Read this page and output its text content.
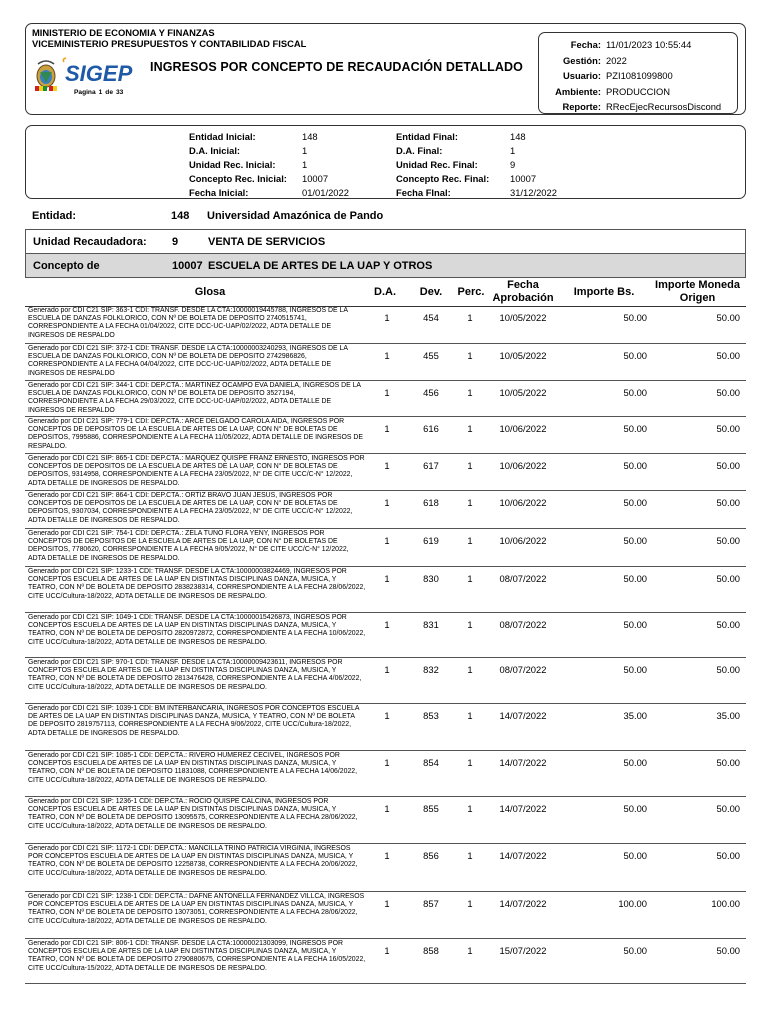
MINISTERIO DE ECONOMIA Y FINANZAS
VICEMINISTERIO PRESUPUESTOS Y CONTABILIDAD FISCAL
SIGEP
Pagina 1 de 33
INGRESOS POR CONCEPTO DE RECAUDACIÓN DETALLADO
Fecha: 11/01/2023 10:55:44
Gestión: 2022
Usuario: PZI1081099800
Ambiente: PRODUCCION
Reporte: RRecEjecRecursosDiscond
Entidad Inicial:	148
D.A. Inicial:	1
Unidad Rec. Inicial:	1
Concepto Rec. Inicial: 10007
Fecha Inicial:	01/01/2022
Entidad Final:	148
D.A. Final:	1
Unidad Rec. Final:	9
Concepto Rec. Final: 10007
Fecha FInal:	31/12/2022
Entidad:	148 Universidad Amazónica de Pando
Unidad Recaudadora: 9	VENTA DE SERVICIOS
Concepto de	10007 ESCUELA DE ARTES DE LA UAP Y OTROS
Glosa	D.A.	Dev.	Perc.
Fecha Aprobación
Importe Bs.
Importe Moneda Origen
Generado por CDI C21 SIP: 363-1 CDI: TRANSF. DESDE LA CTA:10000019445788, INGRESOS DE LA ESCUELA DE DANZAS FOLKLORICO, CON Nº DE BOLETA DE DEPOSITO 2740515741, CORRESPONDIENTE A LA FECHA 01/04/2022, CITE DCC-UC-UAP/02/2022, ADTA DETALLE DE INGRESOS DE RESPALDO
1	454	1	10/05/2022	50.00	50.00
Generado por CDI C21 SIP: 372-1 CDI: TRANSF. DESDE LA CTA:10000003240293, INGRESOS DE LA ESCUELA DE DANZAS FOLKLORICO, CON Nº DE BOLETA DE DEPOSITO 2742986826, CORRESPONDIENTE A LA FECHA 04/04/2022, CITE DCC-UC-UAP/02/2022, ADTA DETALLE DE INGRESOS DE RESPALDO
1	455	1	10/05/2022	50.00	50.00
Generado por CDI C21 SIP: 344-1 CDI: DEP.CTA.: MARTINEZ OCAMPO EVA DANIELA, INGRESOS DE LA ESCUELA DE DANZAS FOLKLORICO, CON Nº DE BOLETA DE DEPOSITO 3527194, CORRESPONDIENTE A LA FECHA 29/03/2022, CITE DCC-UC-UAP/02/2022, ADTA DETALLE DE INGRESOS DE RESPALDO
1	456	1	10/05/2022	50.00	50.00
Generado por CDI C21 SIP: 779-1 CDI: DEP.CTA.: ARCE DELGADO CAROLA AIDA, INGRESOS POR CONCEPTOS DE DEPOSITOS DE LA ESCUELA DE ARTES DE LA UAP, CON N° DE BOLETAS DE DEPOSITOS, 7995886, CORRESPONDIENTE A LA FECHA 11/05/2022, ADTA DETALLE DE INGRESOS DE RESPALDO.
1	616	1	10/06/2022	50.00	50.00
Generado por CDI C21 SIP: 865-1 CDI: DEP.CTA.: MARQUEZ QUISPE FRANZ ERNESTO, INGRESOS POR CONCEPTOS DE DEPOSITOS DE LA ESCUELA DE ARTES DE LA UAP, CON N° DE BOLETAS DE DEPOSITOS, 9314958, CORRESPONDIENTE A LA FECHA 23/05/2022, N° DE CITE UCC/C-N° 12/2022, ADTA DETALLE DE INGRESOS DE RESPALDO.
1	617	1	10/06/2022	50.00	50.00
Generado por CDI C21 SIP: 864-1 CDI: DEP.CTA.: ORTIZ BRAVO JUAN JESUS, INGRESOS POR CONCEPTOS DE DEPOSITOS DE LA ESCUELA DE ARTES DE LA UAP, CON N° DE BOLETAS DE DEPOSITOS, 9307034, CORRESPONDIENTE A LA FECHA 23/05/2022, N° DE CITE UCC/C-N° 12/2022, ADTA DETALLE DE INGRESOS DE RESPALDO.
1	618	1	10/06/2022	50.00	50.00
Generado por CDI C21 SIP: 754-1 CDI: DEP.CTA.: ZELA TUNO FLORA YENY, INGRESOS POR CONCEPTOS DE DEPOSITOS DE LA ESCUELA DE ARTES DE LA UAP, CON N° DE BOLETAS DE DEPOSITOS, 7780620, CORRESPONDIENTE A LA FECHA 9/05/2022, N° DE CITE UCC/C-N° 12/2022, ADTA DETALLE DE INGRESOS DE RESPALDO.
1	619	1	10/06/2022	50.00	50.00
Generado por CDI C21 SIP: 1233-1 CDI: TRANSF. DESDE LA CTA:10000003824469, INGRESOS POR CONCEPTOS ESCUELA DE ARTES DE LA UAP EN DISTINTAS DISCIPLINAS DANZA, MUSICA, Y TEATRO, CON Nº DE BOLETA DE DEPOSITO 2838238314, CORRESPONDIENTE A LA FECHA 28/06/2022, CITE UCC/Cultura-18/2022, ADTA DETALLE DE INGRESOS DE RESPALDO.
1	830	1	08/07/2022	50.00	50.00
Generado por CDI C21 SIP: 1049-1 CDI: TRANSF. DESDE LA CTA:10000015426873, INGRESOS POR CONCEPTOS ESCUELA DE ARTES DE LA UAP EN DISTINTAS DISCIPLINAS DANZA, MUSICA, Y TEATRO, CON Nº DE BOLETA DE DEPOSITO 2820972872, CORRESPONDIENTE A LA FECHA 10/06/2022, CITE UCC/Cultura-18/2022, ADTA DETALLE DE INGRESOS DE RESPALDO.
1	831	1	08/07/2022	50.00	50.00
Generado por CDI C21 SIP: 970-1 CDI: TRANSF. DESDE LA CTA:10000009423611, INGRESOS POR CONCEPTOS ESCUELA DE ARTES DE LA UAP EN DISTINTAS DISCIPLINAS DANZA, MUSICA, Y TEATRO, CON Nº DE BOLETA DE DEPOSITO 2813476428, CORRESPONDIENTE A LA FECHA 4/06/2022, CITE UCC/Cultura-18/2022, ADTA DETALLE DE INGRESOS DE RESPALDO.
1	832	1	08/07/2022	50.00	50.00
Generado por CDI C21 SIP: 1039-1 CDI: BM INTERBANCARIA, INGRESOS POR CONCEPTOS ESCUELA DE ARTES DE LA UAP EN DISTINTAS DISCIPLINAS DANZA, MUSICA, Y TEATRO, CON Nº DE BOLETA DE DEPOSITO 2819757113, CORRESPONDIENTE A LA FECHA 9/06/2022, CITE UCC/Cultura-18/2022, ADTA DETALLE DE INGRESOS DE RESPALDO.
1	853	1	14/07/2022	35.00	35.00
Generado por CDI C21 SIP: 1085-1 CDI: DEP.CTA.: RIVERO HUMEREZ CECIVEL, INGRESOS POR CONCEPTOS ESCUELA DE ARTES DE LA UAP EN DISTINTAS DISCIPLINAS DANZA, MUSICA, Y TEATRO, CON Nº DE BOLETA DE DEPOSITO 11831088, CORRESPONDIENTE A LA FECHA 14/06/2022, CITE UCC/Cultura-18/2022, ADTA DETALLE DE INGRESOS DE RESPALDO.
1	854	1	14/07/2022	50.00	50.00
Generado por CDI C21 SIP: 1236-1 CDI: DEP.CTA.: ROCIO QUISPE CALCINA, INGRESOS POR CONCEPTOS ESCUELA DE ARTES DE LA UAP EN DISTINTAS DISCIPLINAS DANZA, MUSICA, Y TEATRO, CON Nº DE BOLETA DE DEPOSITO 13095575, CORRESPONDIENTE A LA FECHA 28/06/2022, CITE UCC/Cultura-18/2022, ADTA DETALLE DE INGRESOS DE RESPALDO.
1	855	1	14/07/2022	50.00	50.00
Generado por CDI C21 SIP: 1172-1 CDI: DEP.CTA.: MANCILLA TRINO PATRICIA VIRGINIA, INGRESOS POR CONCEPTOS ESCUELA DE ARTES DE LA UAP EN DISTINTAS DISCIPLINAS DANZA, MUSICA, Y TEATRO, CON Nº DE BOLETA DE DEPOSITO 12258738, CORRESPONDIENTE A LA FECHA 20/06/2022, CITE UCC/Cultura-18/2022, ADTA DETALLE DE INGRESOS DE RESPALDO.
1	856	1	14/07/2022	50.00	50.00
Generado por CDI C21 SIP: 1238-1 CDI: DEP.CTA.: DAFNE ANTONELLA FERNANDEZ VILLCA, INGRESOS POR CONCEPTOS ESCUELA DE ARTES DE LA UAP EN DISTINTAS DISCIPLINAS DANZA, MUSICA, Y TEATRO, CON Nº DE BOLETA DE DEPOSITO 13073051, CORRESPONDIENTE A LA FECHA 28/06/2022, CITE UCC/Cultura-18/2022, ADTA DETALLE DE INGRESOS DE RESPALDO.
1	857	1	14/07/2022	100.00	100.00
Generado por CDI C21 SIP: 806-1 CDI: TRANSF. DESDE LA CTA:10000021303099, INGRESOS POR CONCEPTOS ESCUELA DE ARTES DE LA UAP EN DISTINTAS DISCIPLINAS DANZA, MUSICA, Y TEATRO, CON Nº DE BOLETA DE DEPOSITO 2790880675, CORRESPONDIENTE A LA FECHA 16/05/2022, CITE UCC/Cultura-15/2022, ADTA DETALLE DE INGRESOS DE RESPALDO.
1	858	1	15/07/2022	50.00	50.00
